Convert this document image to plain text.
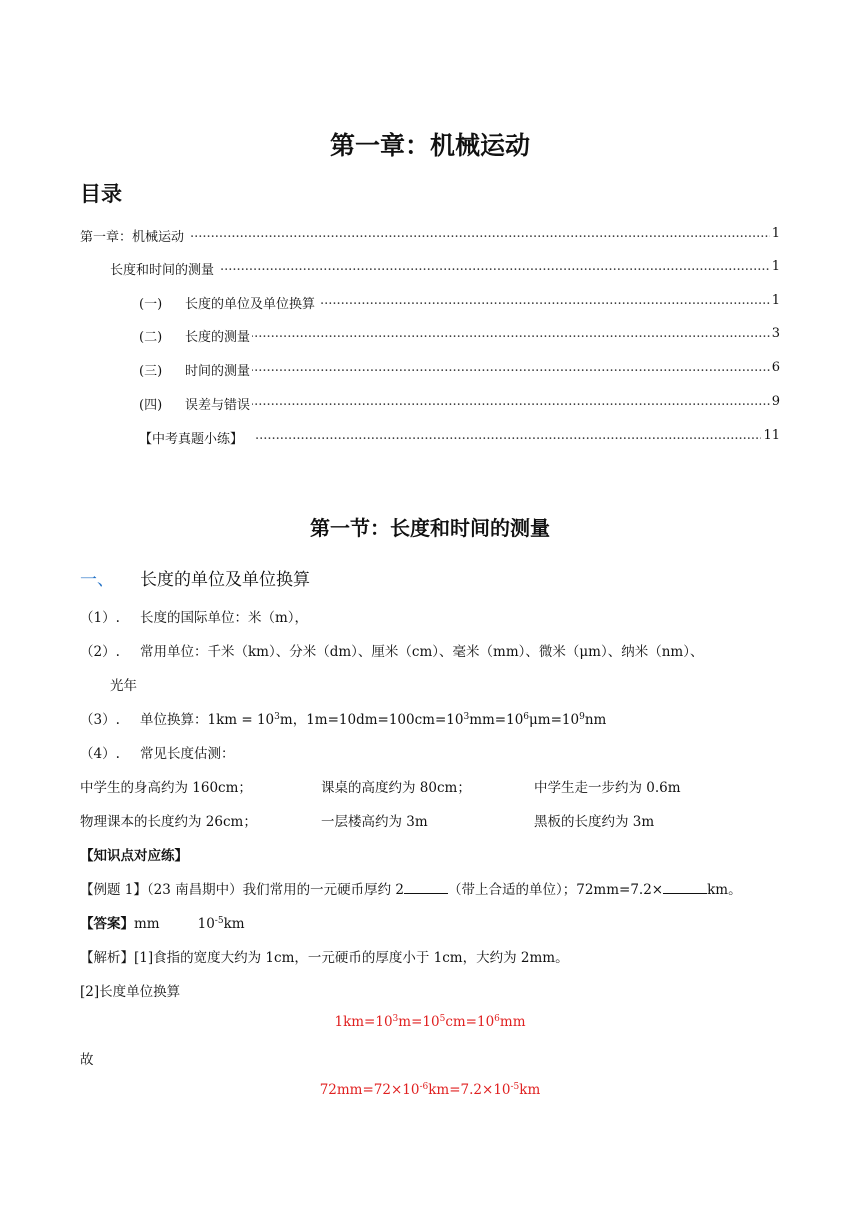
第一章：机械运动
目录
.....
第一章：机械运动	1
.....
长度和时间的测量	1
.....
(一) 长度的单位及单位换算	1
.....
(二) 长度的测量	3
.....
(三) 时间的测量	6
.....
(四) 误差与错误	9
.....
【中考真题小练】	11
第一节：长度和时间的测量
一、 长度的单位及单位换算
（1）. 长度的国际单位：米（m），
（2）. 常用单位：千米（km）、分米（dm）、厘米（cm）、毫米（mm）、微米（μm）、纳米（nm）、
光年
（3）. 单位换算：$1km = 10^3m$，$1m=10dm=100cm=10^3mm=10^6\mu m=10^9nm$
（4）. 常见长度估测：
中学生的身高约为 160cm；	课桌的高度约为 80cm；	中学生走一步约为 0.6m
物理课本的长度约为 26cm；	一层楼高约为 3m	黑板的长度约为 3m
【知识点对应练】
【例题 1】（23 南昌期中）我们常用的一元硬币厚约 2	（带上合适的单位）；72mm=7.2×	km。
【答案】mm	$10^{-5}km$
【解析】[1]食指的宽度大约为 1cm，一元硬币的厚度小于 1cm，大约为 2mm。
[2]长度单位换算
$1km=10^3m=10^5cm=10^6mm$
故
$72mm=72\times 10^{-6}km=7.2\times 10^{-5}km$
